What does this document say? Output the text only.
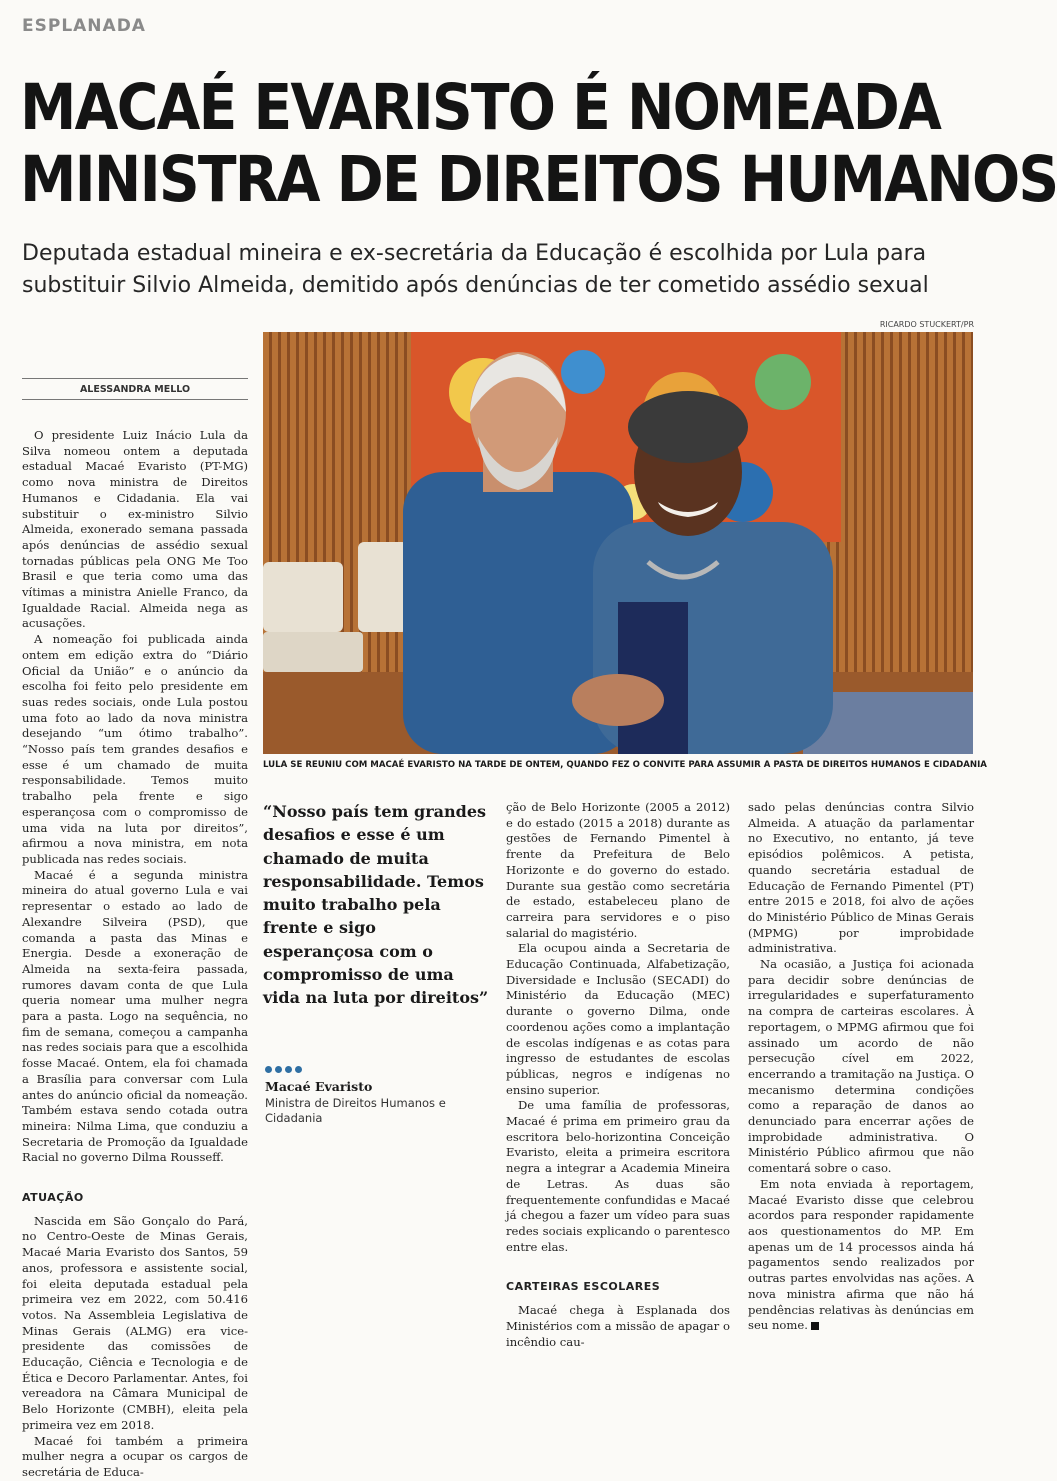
ESPLANADA
MACAÉ EVARISTO É NOMEADA
MINISTRA DE DIREITOS HUMANOS
Deputada estadual mineira e ex-secretária da Educação é escolhida por Lula para
substituir Silvio Almeida, demitido após denúncias de ter cometido assédio sexual
RICARDO STUCKERT/PR
LULA SE REUNIU COM MACAÉ EVARISTO NA TARDE DE ONTEM, QUANDO FEZ O CONVITE PARA ASSUMIR A PASTA DE DIREITOS HUMANOS E CIDADANIA
ALESSANDRA MELLO

O presidente Luiz Inácio Lula da Silva nomeou ontem a deputada estadual Macaé Evaristo (PT-MG) como nova ministra de Direitos Humanos e Cidadania. Ela vai substituir o ex-ministro Silvio Almeida, exonerado semana passada após denúncias de assédio sexual tornadas públicas pela ONG Me Too Brasil e que teria como uma das vítimas a ministra Anielle Franco, da Igualdade Racial. Almeida nega as acusações.

A nomeação foi publicada ainda ontem em edição extra do “Diário Oficial da União” e o anúncio da escolha foi feito pelo presidente em suas redes sociais, onde Lula postou uma foto ao lado da nova ministra desejando “um ótimo trabalho”. “Nosso país tem grandes desafios e esse é um chamado de muita responsabilidade. Temos muito trabalho pela frente e sigo esperançosa com o compromisso de uma vida na luta por direitos”, afirmou a nova ministra, em nota publicada nas redes sociais.

Macaé é a segunda ministra mineira do atual governo Lula e vai representar o estado ao lado de Alexandre Silveira (PSD), que comanda a pasta das Minas e Energia. Desde a exoneração de Almeida na sexta-feira passada, rumores davam conta de que Lula queria nomear uma mulher negra para a pasta. Logo na sequência, no fim de semana, começou a campanha nas redes sociais para que a escolhida fosse Macaé. Ontem, ela foi chamada a Brasília para conversar com Lula antes do anúncio oficial da nomeação. Também estava sendo cotada outra mineira: Nilma Lima, que conduziu a Secretaria de Promoção da Igualdade Racial no governo Dilma Rousseff.

ATUAÇÃO

Nascida em São Gonçalo do Pará, no Centro-Oeste de Minas Gerais, Macaé Maria Evaristo dos Santos, 59 anos, professora e assistente social, foi eleita deputada estadual pela primeira vez em 2022, com 50.416 votos. Na Assembleia Legislativa de Minas Gerais (ALMG) era vice-presidente das comissões de Educação, Ciência e Tecnologia e de Ética e Decoro Parlamentar. Antes, foi vereadora na Câmara Municipal de Belo Horizonte (CMBH), eleita pela primeira vez em 2018.

Macaé foi também a primeira mulher negra a ocupar os cargos de secretária de Educa-

“Nosso país tem grandes desafios e esse é um chamado de muita responsabilidade. Temos muito trabalho pela frente e sigo esperançosa com o compromisso de uma vida na luta por direitos”
Macaé Evaristo
Ministra de Direitos Humanos e Cidadania

ção de Belo Horizonte (2005 a 2012) e do estado (2015 a 2018) durante as gestões de Fernando Pimentel à frente da Prefeitura de Belo Horizonte e do governo do estado. Durante sua gestão como secretária de estado, estabeleceu plano de carreira para servidores e o piso salarial do magistério.

Ela ocupou ainda a Secretaria de Educação Continuada, Alfabetização, Diversidade e Inclusão (SECADI) do Ministério da Educação (MEC) durante o governo Dilma, onde coordenou ações como a implantação de escolas indígenas e as cotas para ingresso de estudantes de escolas públicas, negros e indígenas no ensino superior.

De uma família de professoras, Macaé é prima em primeiro grau da escritora belo-horizontina Conceição Evaristo, eleita a primeira escritora negra a integrar a Academia Mineira de Letras. As duas são frequentemente confundidas e Macaé já chegou a fazer um vídeo para suas redes sociais explicando o parentesco entre elas.

CARTEIRAS ESCOLARES

Macaé chega à Esplanada dos Ministérios com a missão de apagar o incêndio cau-

sado pelas denúncias contra Silvio Almeida. A atuação da parlamentar no Executivo, no entanto, já teve episódios polêmicos. A petista, quando secretária estadual de Educação de Fernando Pimentel (PT) entre 2015 e 2018, foi alvo de ações do Ministério Público de Minas Gerais (MPMG) por improbidade administrativa.

Na ocasião, a Justiça foi acionada para decidir sobre denúncias de irregularidades e superfaturamento na compra de carteiras escolares. À reportagem, o MPMG afirmou que foi assinado um acordo de não persecução cível em 2022, encerrando a tramitação na Justiça. O mecanismo determina condições como a reparação de danos ao denunciado para encerrar ações de improbidade administrativa. O Ministério Público afirmou que não comentará sobre o caso.

Em nota enviada à reportagem, Macaé Evaristo disse que celebrou acordos para responder rapidamente aos questionamentos do MP. Em apenas um de 14 processos ainda há pagamentos sendo realizados por outras partes envolvidas nas ações. A nova ministra afirma que não há pendências relativas às denúncias em seu nome.
